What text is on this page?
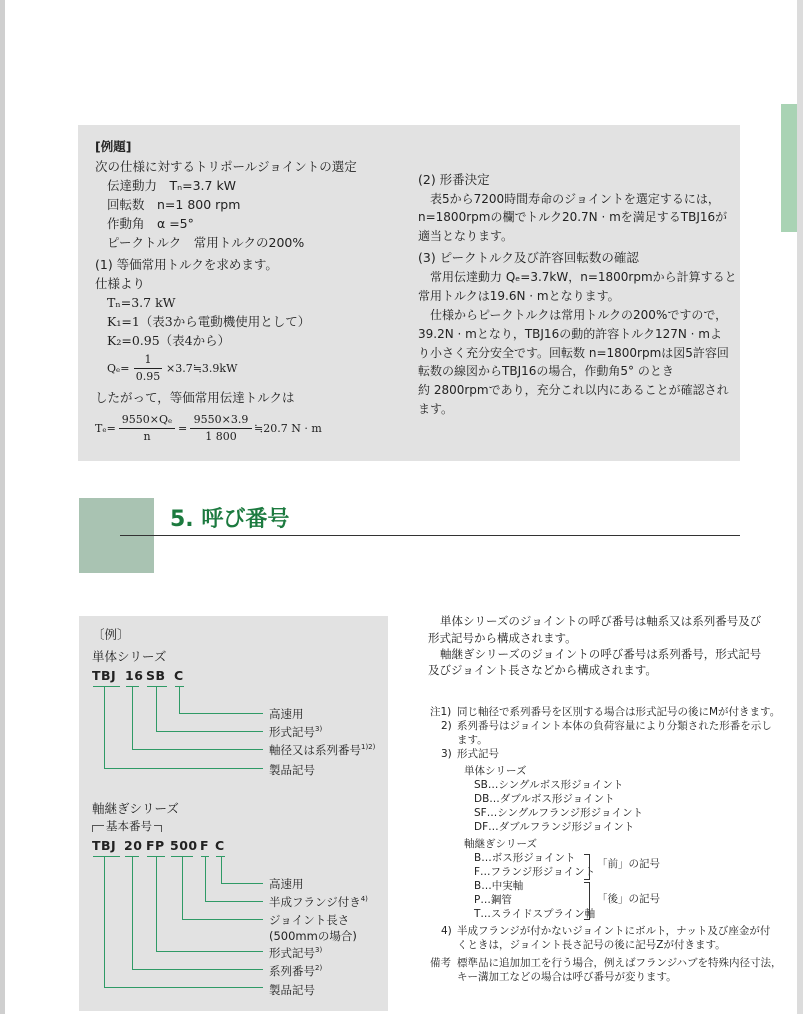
[例題]
次の仕様に対するトリポールジョイントの選定
伝達動力　Tₙ=3.7 kW
回転数　n=1 800 rpm
作動角　α =5°
ピークトルク　常用トルクの200%
(1) 等価常用トルクを求めます。
仕様より
Tₙ=3.7 kW
K₁=1（表3から電動機使用として）
K₂=0.95（表4から）
$Q_e= \frac{1}{0.95}$ ×3.7≒3.9kW
したがって，等価常用伝達トルクは
$T_e= \frac{\text{9550×Qₑ}}{n} = \frac{9550\times 3.9}{1 800}$ ≒20.7 N · m
(2) 形番決定
表5から7200時間寿命のジョイントを選定するには，
n=1800rpmの欄でトルク20.7N · mを満足するTBJ16が
適当となります。
(3) ピークトルク及び許容回転数の確認
常用伝達動力 Qₑ=3.7kW，n=1800rpmから計算すると
常用トルクは19.6N · mとなります。
仕様からピークトルクは常用トルクの200%ですので，
39.2N · mとなり，TBJ16の動的許容トルク127N · mよ
り小さく充分安全です。回転数 n=1800rpmは図5許容回
転数の線図からTBJ16の場合，作動角5° のとき
約 2800rpmであり，充分これ以内にあることが確認され
ます。
5. 呼び番号
〔例〕
単体シリーズ
TBJ 16 SB C
高速用
形式記号$^{3)}$
軸径又は系列番号$^{1)2)}$
製品記号
軸継ぎシリーズ
基本番号
TBJ 20 FP 500 F C
高速用
半成フランジ付き$^{4)}$
ジョイント長さ
(500mmの場合)
形式記号$^{3)}$
系列番号$^{2)}$
製品記号
単体シリーズのジョイントの呼び番号は軸系又は系列番号及び
形式記号から構成されます。
軸継ぎシリーズのジョイントの呼び番号は系列番号，形式記号
及びジョイント長さなどから構成されます。
注1) 同じ軸径で系列番号を区別する場合は形式記号の後にMが付きます。
2) 系列番号はジョイント本体の負荷容量により分類された形番を示し
ます。
3) 形式記号
単体シリーズ
SB…シングルボス形ジョイント
DB…ダブルボス形ジョイント
SF…シングルフランジ形ジョイント
DF…ダブルフランジ形ジョイント
軸継ぎシリーズ
B…ボス形ジョイント
F…フランジ形ジョイント
「前」の記号
B…中実軸
P…鋼管
T…スライドスプライン軸
「後」の記号
4) 半成フランジが付かないジョイントにボルト，ナット及び座金が付
くときは，ジョイント長さ記号の後に記号Zが付きます。
備考 標準品に追加加工を行う場合，例えばフランジハブを特殊内径寸法，
キー溝加工などの場合は呼び番号が変ります。
